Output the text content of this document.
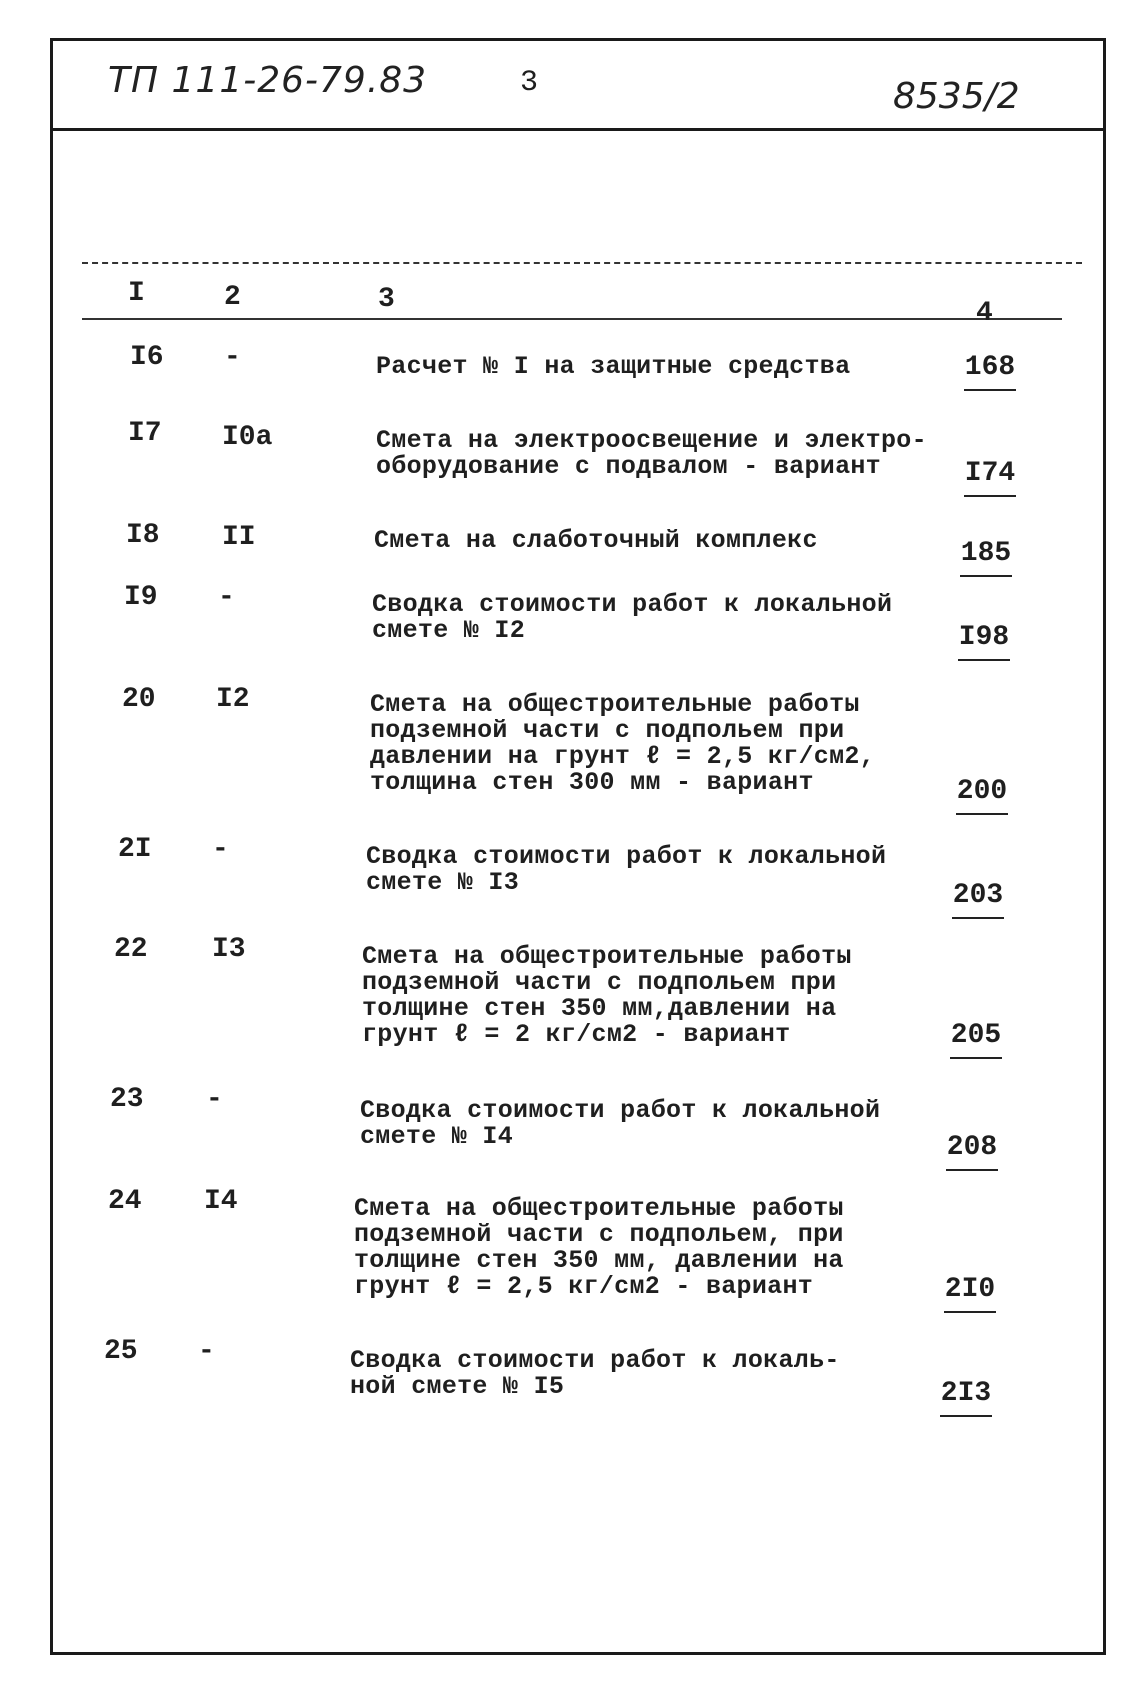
ТП 111-26-79.83	3	8535/2
I	2	3	4
I6 -	Расчет № I на защитные средства	168
I7 I0а	Смета на электроосвещение и электро-
оборудование с подвалом - вариант	I74
I8 II	Смета на слаботочный комплекс	185
I9 -	Сводка стоимости работ к локальной
смете № I2	I98
20 I2	Смета на общестроительные работы
подземной части с подпольем при
давлении на грунт ℓ = 2,5 кг/см2,
толщина стен 300 мм - вариант	200
2I -	Сводка стоимости работ к локальной
смете № I3	203
22 I3	Смета на общестроительные работы
подземной части с подпольем при
толщине стен 350 мм,давлении на
грунт ℓ = 2 кг/см2 - вариант	205
23 -	Сводка стоимости работ к локальной
смете № I4	208
24 I4	Смета на общестроительные работы
подземной части с подпольем, при
толщине стен 350 мм, давлении на
грунт ℓ = 2,5 кг/см2 - вариант	2I0
25 -	Сводка стоимости работ к локаль-
ной смете № I5	2I3
